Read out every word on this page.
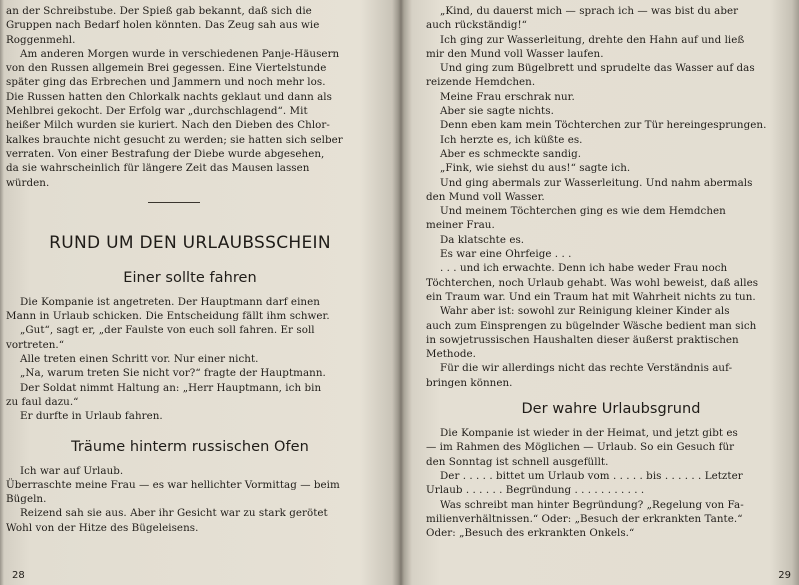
an der Schreibstube. Der Spieß gab bekannt, daß sich die
Gruppen nach Bedarf holen könnten. Das Zeug sah aus wie
Roggenmehl.
Am anderen Morgen wurde in verschiedenen Panje-Häusern
von den Russen allgemein Brei gegessen. Eine Viertelstunde
später ging das Erbrechen und Jammern und noch mehr los.
Die Russen hatten den Chlorkalk nachts geklaut und dann als
Mehlbrei gekocht. Der Erfolg war „durchschlagend“. Mit
heißer Milch wurden sie kuriert. Nach den Dieben des Chlor-
kalkes brauchte nicht gesucht zu werden; sie hatten sich selber
verraten. Von einer Bestrafung der Diebe wurde abgesehen,
da sie wahrscheinlich für längere Zeit das Mausen lassen
würden.
RUND UM DEN URLAUBSSCHEIN
Einer sollte fahren
Die Kompanie ist angetreten. Der Hauptmann darf einen
Mann in Urlaub schicken. Die Entscheidung fällt ihm schwer.
„Gut“, sagt er, „der Faulste von euch soll fahren. Er soll
vortreten.“
Alle treten einen Schritt vor. Nur einer nicht.
„Na, warum treten Sie nicht vor?“ fragte der Hauptmann.
Der Soldat nimmt Haltung an: „Herr Hauptmann, ich bin
zu faul dazu.“
Er durfte in Urlaub fahren.
Träume hinterm russischen Ofen
Ich war auf Urlaub.
Überraschte meine Frau — es war hellichter Vormittag — beim Bügeln.
Reizend sah sie aus. Aber ihr Gesicht war zu stark gerötet
Wohl von der Hitze des Bügeleisens.
28
„Kind, du dauerst mich — sprach ich — was bist du aber
auch rückständig!“
Ich ging zur Wasserleitung, drehte den Hahn auf und ließ
mir den Mund voll Wasser laufen.
Und ging zum Bügelbrett und sprudelte das Wasser auf das
reizende Hemdchen.
Meine Frau erschrak nur.
Aber sie sagte nichts.
Denn eben kam mein Töchterchen zur Tür hereingesprungen.
Ich herzte es, ich küßte es.
Aber es schmeckte sandig.
„Fink, wie siehst du aus!“ sagte ich.
Und ging abermals zur Wasserleitung. Und nahm abermals
den Mund voll Wasser.
Und meinem Töchterchen ging es wie dem Hemdchen
meiner Frau.
Da klatschte es.
Es war eine Ohrfeige . . .
. . . und ich erwachte. Denn ich habe weder Frau noch
Töchterchen, noch Urlaub gehabt. Was wohl beweist, daß alles
ein Traum war. Und ein Traum hat mit Wahrheit nichts zu tun.
Wahr aber ist: sowohl zur Reinigung kleiner Kinder als
auch zum Einsprengen zu bügelnder Wäsche bedient man sich
in sowjetrussischen Haushalten dieser äußerst praktischen
Methode.
Für die wir allerdings nicht das rechte Verständnis auf-
bringen können.
Der wahre Urlaubsgrund
Die Kompanie ist wieder in der Heimat, und jetzt gibt es
— im Rahmen des Möglichen — Urlaub. So ein Gesuch für
den Sonntag ist schnell ausgefüllt.
Der . . . . . bittet um Urlaub vom . . . . . bis . . . . . . Letzter
Urlaub . . . . . . Begründung . . . . . . . . . . .
Was schreibt man hinter Begründung? „Regelung von Fa-
milienverhältnissen.“ Oder: „Besuch der erkrankten Tante.“
Oder: „Besuch des erkrankten Onkels.“
29
